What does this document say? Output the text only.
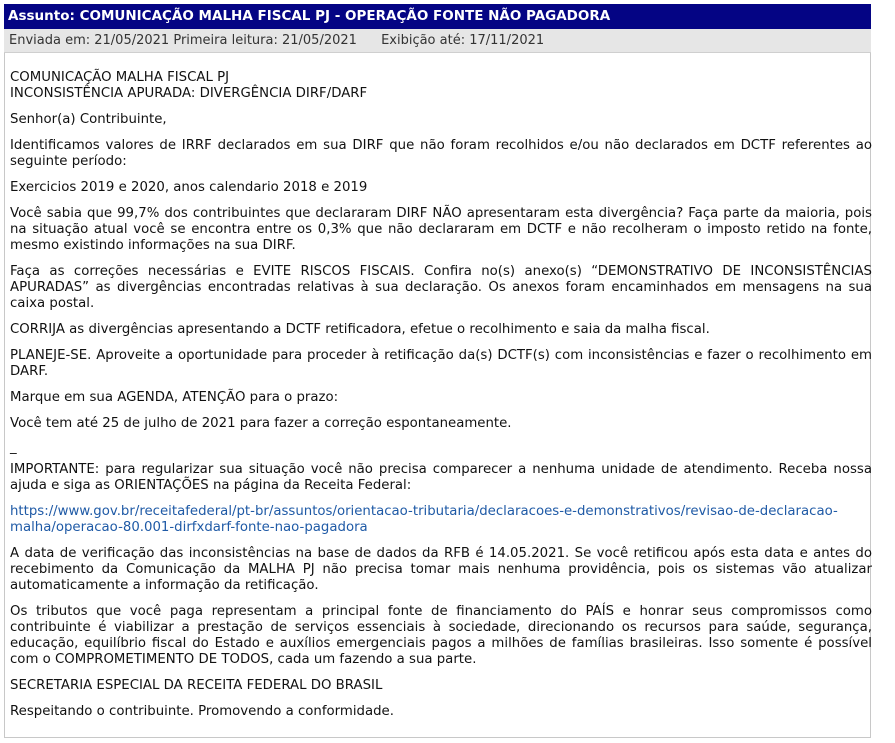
Assunto: COMUNICAÇÃO MALHA FISCAL PJ - OPERAÇÃO FONTE NÃO PAGADORA
Enviada em: 21/05/2021 Primeira leitura: 21/05/2021 Exibição até: 17/11/2021

COMUNICAÇÃO MALHA FISCAL PJ
INCONSISTÊNCIA APURADA: DIVERGÊNCIA DIRF/DARF

Senhor(a) Contribuinte,

Identificamos valores de IRRF declarados em sua DIRF que não foram recolhidos e/ou não declarados em DCTF referentes ao seguinte período:

Exercicios 2019 e 2020, anos calendario 2018 e 2019

Você sabia que 99,7% dos contribuintes que declararam DIRF NÃO apresentaram esta divergência? Faça parte da maioria, pois na situação atual você se encontra entre os 0,3% que não declararam em DCTF e não recolheram o imposto retido na fonte, mesmo existindo informações na sua DIRF.

Faça as correções necessárias e EVITE RISCOS FISCAIS. Confira no(s) anexo(s) “DEMONSTRATIVO DE INCONSISTÊNCIAS APURADAS” as divergências encontradas relativas à sua declaração. Os anexos foram encaminhados em mensagens na sua caixa postal.

CORRIJA as divergências apresentando a DCTF retificadora, efetue o recolhimento e saia da malha fiscal.

PLANEJE-SE. Aproveite a oportunidade para proceder à retificação da(s) DCTF(s) com inconsistências e fazer o recolhimento em DARF.

Marque em sua AGENDA, ATENÇÃO para o prazo:

Você tem até 25 de julho de 2021 para fazer a correção espontaneamente.

_

IMPORTANTE: para regularizar sua situação você não precisa comparecer a nenhuma unidade de atendimento. Receba nossa ajuda e siga as ORIENTAÇÕES na página da Receita Federal:

https://www.gov.br/receitafederal/pt-br/assuntos/orientacao-tributaria/declaracoes-e-demonstrativos/revisao-de-declaracao-malha/operacao-80.001-dirfxdarf-fonte-nao-pagadora

A data de verificação das inconsistências na base de dados da RFB é 14.05.2021. Se você retificou após esta data e antes do recebimento da Comunicação da MALHA PJ não precisa tomar mais nenhuma providência, pois os sistemas vão atualizar automaticamente a informação da retificação.

Os tributos que você paga representam a principal fonte de financiamento do PAÍS e honrar seus compromissos como contribuinte é viabilizar a prestação de serviços essenciais à sociedade, direcionando os recursos para saúde, segurança, educação, equilíbrio fiscal do Estado e auxílios emergenciais pagos a milhões de famílias brasileiras. Isso somente é possível com o COMPROMETIMENTO DE TODOS, cada um fazendo a sua parte.

SECRETARIA ESPECIAL DA RECEITA FEDERAL DO BRASIL

Respeitando o contribuinte. Promovendo a conformidade.
